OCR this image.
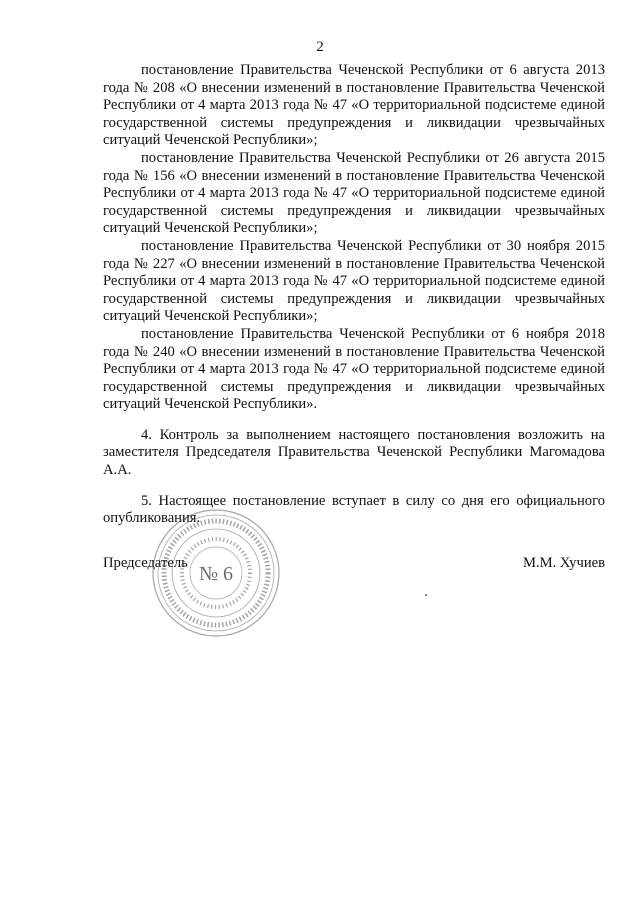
2

постановление Правительства Чеченской Республики от 6 августа 2013 года № 208 «О внесении изменений в постановление Правительства Чеченской Республики от 4 марта 2013 года № 47 «О территориальной подсистеме единой государственной системы предупреждения и ликвидации чрезвычайных ситуаций Чеченской Республики»;

постановление Правительства Чеченской Республики от 26 августа 2015 года № 156 «О внесении изменений в постановление Правительства Чеченской Республики от 4 марта 2013 года № 47 «О территориальной подсистеме единой государственной системы предупреждения и ликвидации чрезвычайных ситуаций Чеченской Республики»;

постановление Правительства Чеченской Республики от 30 ноября 2015 года № 227 «О внесении изменений в постановление Правительства Чеченской Республики от 4 марта 2013 года № 47 «О территориальной подсистеме единой государственной системы предупреждения и ликвидации чрезвычайных ситуаций Чеченской Республики»;

постановление Правительства Чеченской Республики от 6 ноября 2018 года № 240 «О внесении изменений в постановление Правительства Чеченской Республики от 4 марта 2013 года № 47 «О территориальной подсистеме единой государственной системы предупреждения и ликвидации чрезвычайных ситуаций Чеченской Республики».

4. Контроль за выполнением настоящего постановления возложить на заместителя Председателя Правительства Чеченской Республики Магомадова А.А.

5. Настоящее постановление вступает в силу со дня его официального опубликования.

Председатель	М.М. Хучиев
№ 6
